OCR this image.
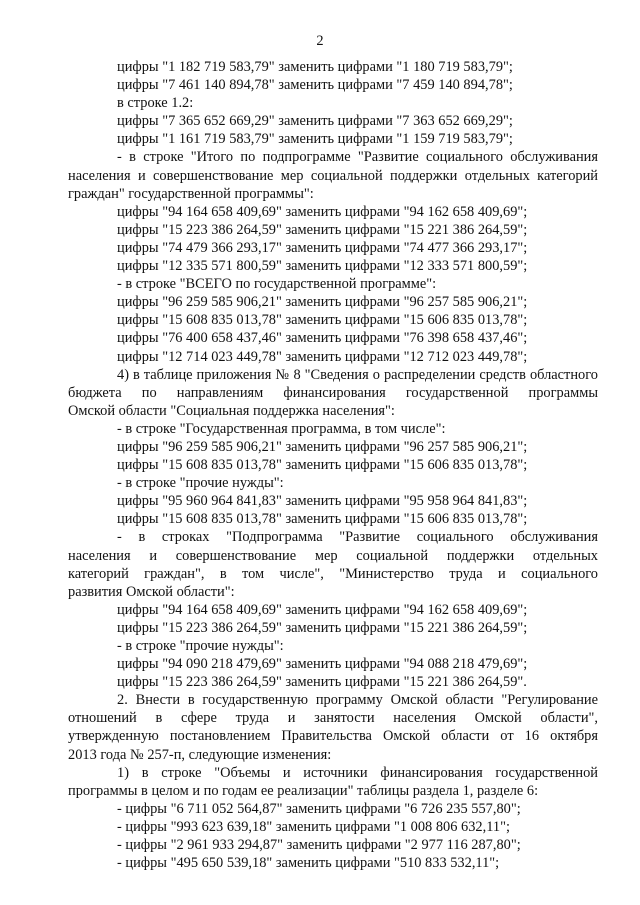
2
цифры "1 182 719 583,79" заменить цифрами "1 180 719 583,79";
цифры "7 461 140 894,78" заменить цифрами "7 459 140 894,78";
в строке 1.2:
цифры "7 365 652 669,29" заменить цифрами "7 363 652 669,29";
цифры "1 161 719 583,79" заменить цифрами "1 159 719 583,79";
- в строке "Итого по подпрограмме "Развитие социального обслуживания
населения и совершенствование мер социальной поддержки отдельных категорий
граждан" государственной программы":
цифры "94 164 658 409,69" заменить цифрами "94 162 658 409,69";
цифры "15 223 386 264,59" заменить цифрами "15 221 386 264,59";
цифры "74 479 366 293,17" заменить цифрами "74 477 366 293,17";
цифры "12 335 571 800,59" заменить цифрами "12 333 571 800,59";
- в строке "ВСЕГО по государственной программе":
цифры "96 259 585 906,21" заменить цифрами "96 257 585 906,21";
цифры "15 608 835 013,78" заменить цифрами "15 606 835 013,78";
цифры "76 400 658 437,46" заменить цифрами "76 398 658 437,46";
цифры "12 714 023 449,78" заменить цифрами "12 712 023 449,78";
4) в таблице приложения № 8 "Сведения о распределении средств областного
бюджета по направлениям финансирования государственной программы
Омской области "Социальная поддержка населения":
- в строке "Государственная программа, в том числе":
цифры "96 259 585 906,21" заменить цифрами "96 257 585 906,21";
цифры "15 608 835 013,78" заменить цифрами "15 606 835 013,78";
- в строке "прочие нужды":
цифры "95 960 964 841,83" заменить цифрами "95 958 964 841,83";
цифры "15 608 835 013,78" заменить цифрами "15 606 835 013,78";
- в строках "Подпрограмма "Развитие социального обслуживания
населения и совершенствование мер социальной поддержки отдельных
категорий граждан", в том числе", "Министерство труда и социального
развития Омской области":
цифры "94 164 658 409,69" заменить цифрами "94 162 658 409,69";
цифры "15 223 386 264,59" заменить цифрами "15 221 386 264,59";
- в строке "прочие нужды":
цифры "94 090 218 479,69" заменить цифрами "94 088 218 479,69";
цифры "15 223 386 264,59" заменить цифрами "15 221 386 264,59".
2. Внести в государственную программу Омской области "Регулирование
отношений в сфере труда и занятости населения Омской области",
утвержденную постановлением Правительства Омской области от 16 октября
2013 года № 257-п, следующие изменения:
1) в строке "Объемы и источники финансирования государственной
программы в целом и по годам ее реализации" таблицы раздела 1, разделе 6:
- цифры "6 711 052 564,87" заменить цифрами "6 726 235 557,80";
- цифры "993 623 639,18" заменить цифрами "1 008 806 632,11";
- цифры "2 961 933 294,87" заменить цифрами "2 977 116 287,80";
- цифры "495 650 539,18" заменить цифрами "510 833 532,11";
